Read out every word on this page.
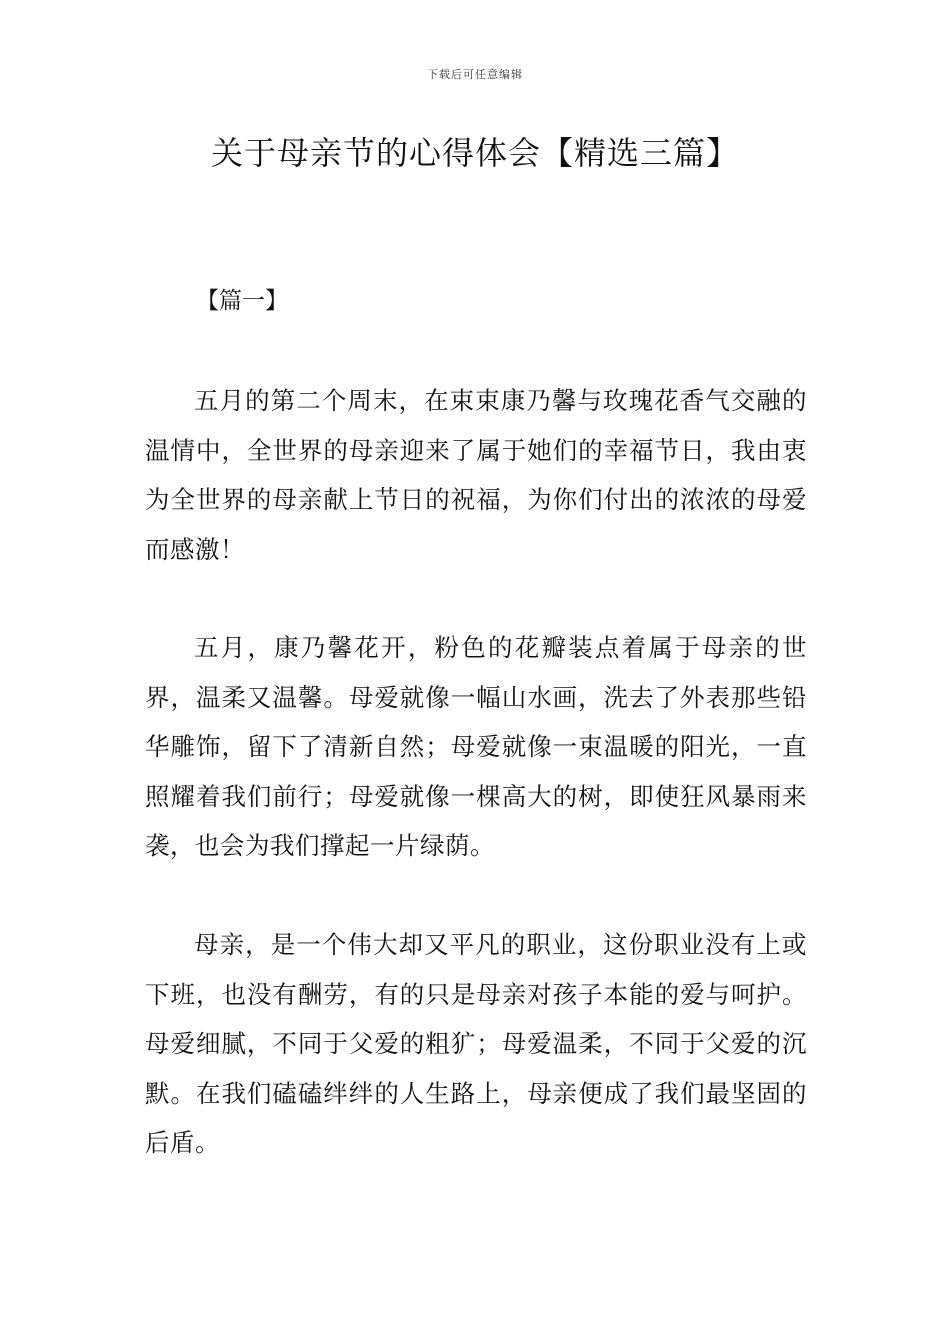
下载后可任意编辑
关于母亲节的心得体会【精选三篇】
【篇一】

五月的第二个周末，在束束康乃馨与玫瑰花香气交融的温情中，全世界的母亲迎来了属于她们的幸福节日，我由衷为全世界的母亲献上节日的祝福，为你们付出的浓浓的母爱而感激！

五月，康乃馨花开，粉色的花瓣装点着属于母亲的世界，温柔又温馨。母爱就像一幅山水画，洗去了外表那些铅华雕饰，留下了清新自然；母爱就像一束温暖的阳光，一直照耀着我们前行；母爱就像一棵高大的树，即使狂风暴雨来袭，也会为我们撑起一片绿荫。

母亲，是一个伟大却又平凡的职业，这份职业没有上或下班，也没有酬劳，有的只是母亲对孩子本能的爱与呵护。母爱细腻，不同于父爱的粗犷；母爱温柔，不同于父爱的沉默。在我们磕磕绊绊的人生路上，母亲便成了我们最坚固的后盾。
